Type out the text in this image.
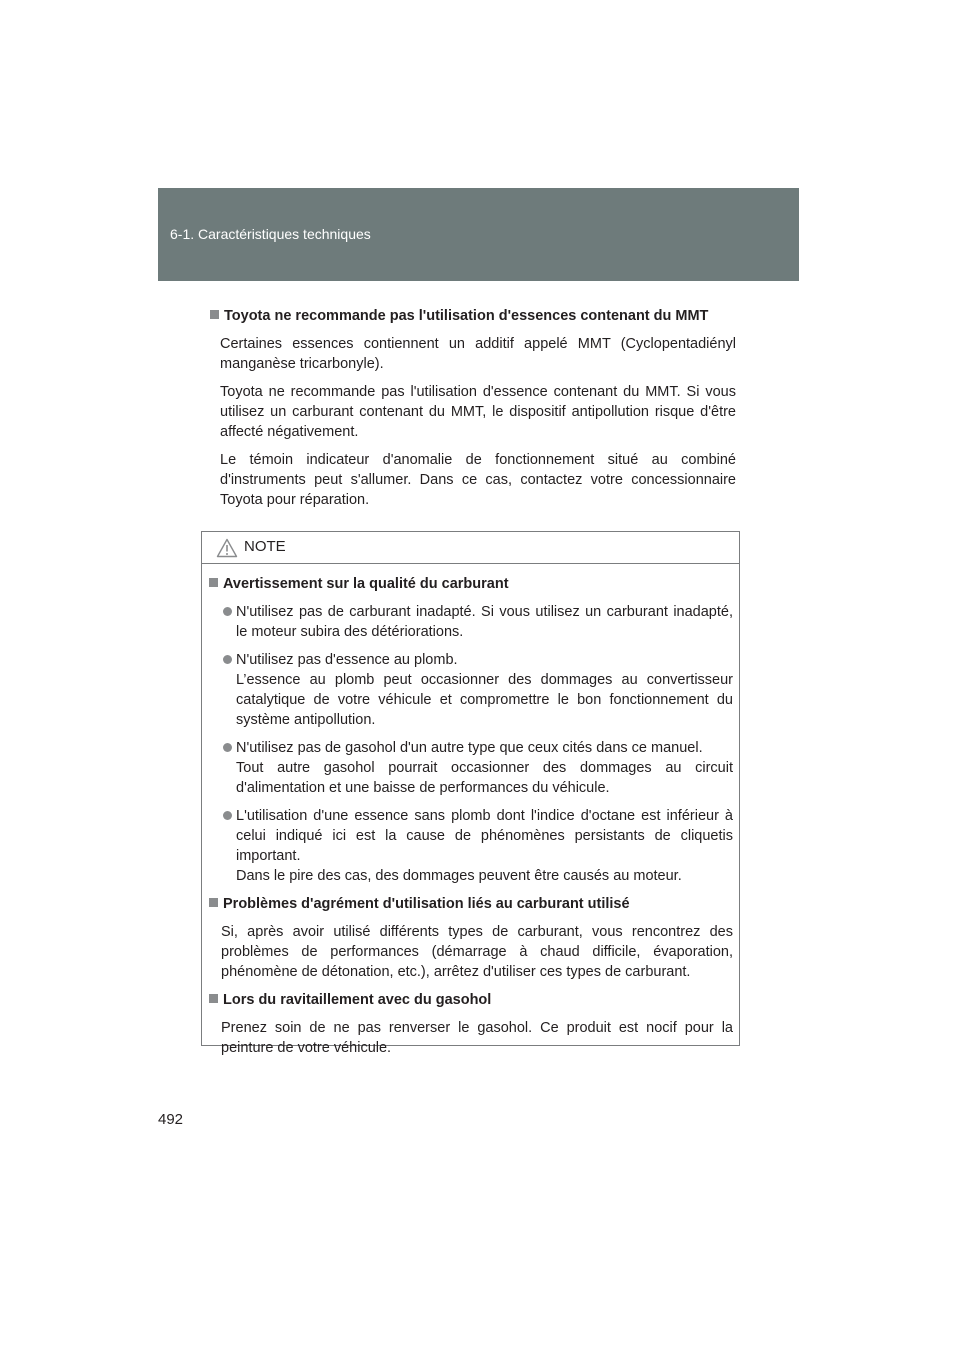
6-1. Caractéristiques techniques

Toyota ne recommande pas l'utilisation d'essences contenant du MMT

Certaines essences contiennent un additif appelé MMT (Cyclopentadiényl manganèse tricarbonyle).

Toyota ne recommande pas l'utilisation d'essence contenant du MMT. Si vous utilisez un carburant contenant du MMT, le dispositif antipollution risque d'être affecté négativement.

Le témoin indicateur d'anomalie de fonctionnement situé au combiné d'instruments peut s'allumer. Dans ce cas, contactez votre concessionnaire Toyota pour réparation.

NOTE

Avertissement sur la qualité du carburant

N'utilisez pas de carburant inadapté. Si vous utilisez un carburant inadapté, le moteur subira des détériorations.
N'utilisez pas d'essence au plomb.
L’essence au plomb peut occasionner des dommages au convertisseur catalytique de votre véhicule et compromettre le bon fonctionnement du système antipollution.
N'utilisez pas de gasohol d'un autre type que ceux cités dans ce manuel.
Tout autre gasohol pourrait occasionner des dommages au circuit d'alimentation et une baisse de performances du véhicule.
L'utilisation d'une essence sans plomb dont l'indice d'octane est inférieur à celui indiqué ici est la cause de phénomènes persistants de cliquetis important.
Dans le pire des cas, des dommages peuvent être causés au moteur.

Problèmes d'agrément d'utilisation liés au carburant utilisé

Si, après avoir utilisé différents types de carburant, vous rencontrez des problèmes de performances (démarrage à chaud difficile, évaporation, phénomène de détonation, etc.), arrêtez d'utiliser ces types de carburant.

Lors du ravitaillement avec du gasohol

Prenez soin de ne pas renverser le gasohol. Ce produit est nocif pour la peinture de votre véhicule.

492
